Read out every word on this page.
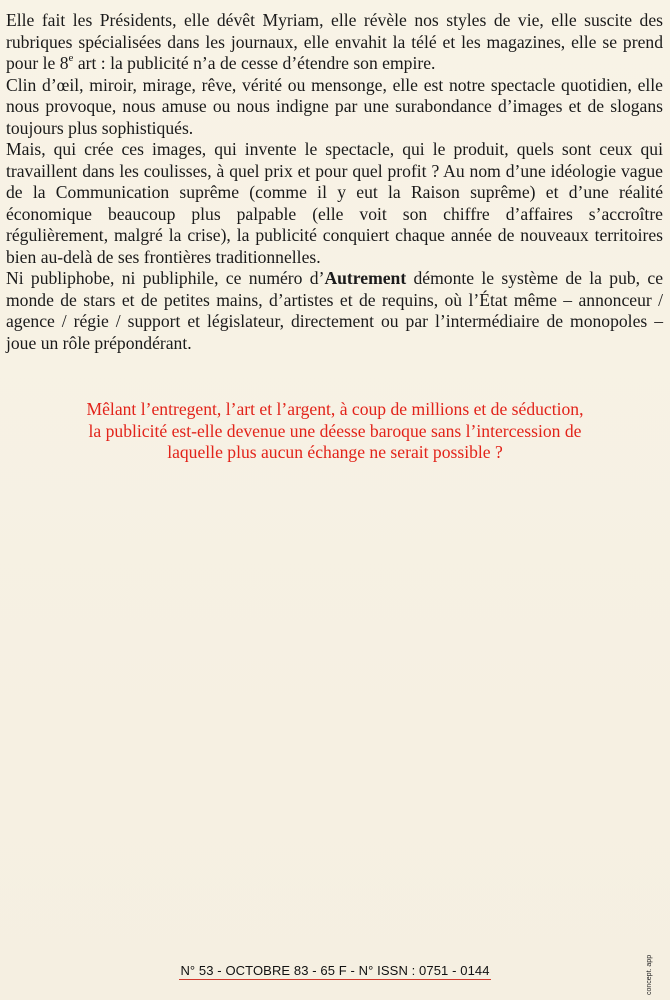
Elle fait les Présidents, elle dévêt Myriam, elle révèle nos styles de vie, elle suscite des rubriques spécialisées dans les journaux, elle envahit la télé et les magazines, elle se prend pour le 8e art : la publicité n’a de cesse d’étendre son empire.

Clin d’œil, miroir, mirage, rêve, vérité ou mensonge, elle est notre spectacle quotidien, elle nous provoque, nous amuse ou nous indigne par une surabondance d’images et de slogans toujours plus sophistiqués.

Mais, qui crée ces images, qui invente le spectacle, qui le produit, quels sont ceux qui travaillent dans les coulisses, à quel prix et pour quel profit ? Au nom d’une idéologie vague de la Communication suprême (comme il y eut la Raison suprême) et d’une réalité économique beaucoup plus palpable (elle voit son chiffre d’affaires s’accroître régulièrement, malgré la crise), la publicité conquiert chaque année de nouveaux territoires bien au-delà de ses frontières traditionnelles.

Ni publiphobe, ni publiphile, ce numéro d’Autrement démonte le système de la pub, ce monde de stars et de petites mains, d’artistes et de requins, où l’État même – annonceur / agence / régie / support et législateur, directement ou par l’intermédiaire de monopoles – joue un rôle prépondérant.

Mêlant l’entregent, l’art et l’argent, à coup de millions et de séduction,
la publicité est-elle devenue une déesse baroque sans l’intercession de
laquelle plus aucun échange ne serait possible ?
N° 53 - OCTOBRE 83 - 65 F - N° ISSN : 0751 - 0144	concept. app
